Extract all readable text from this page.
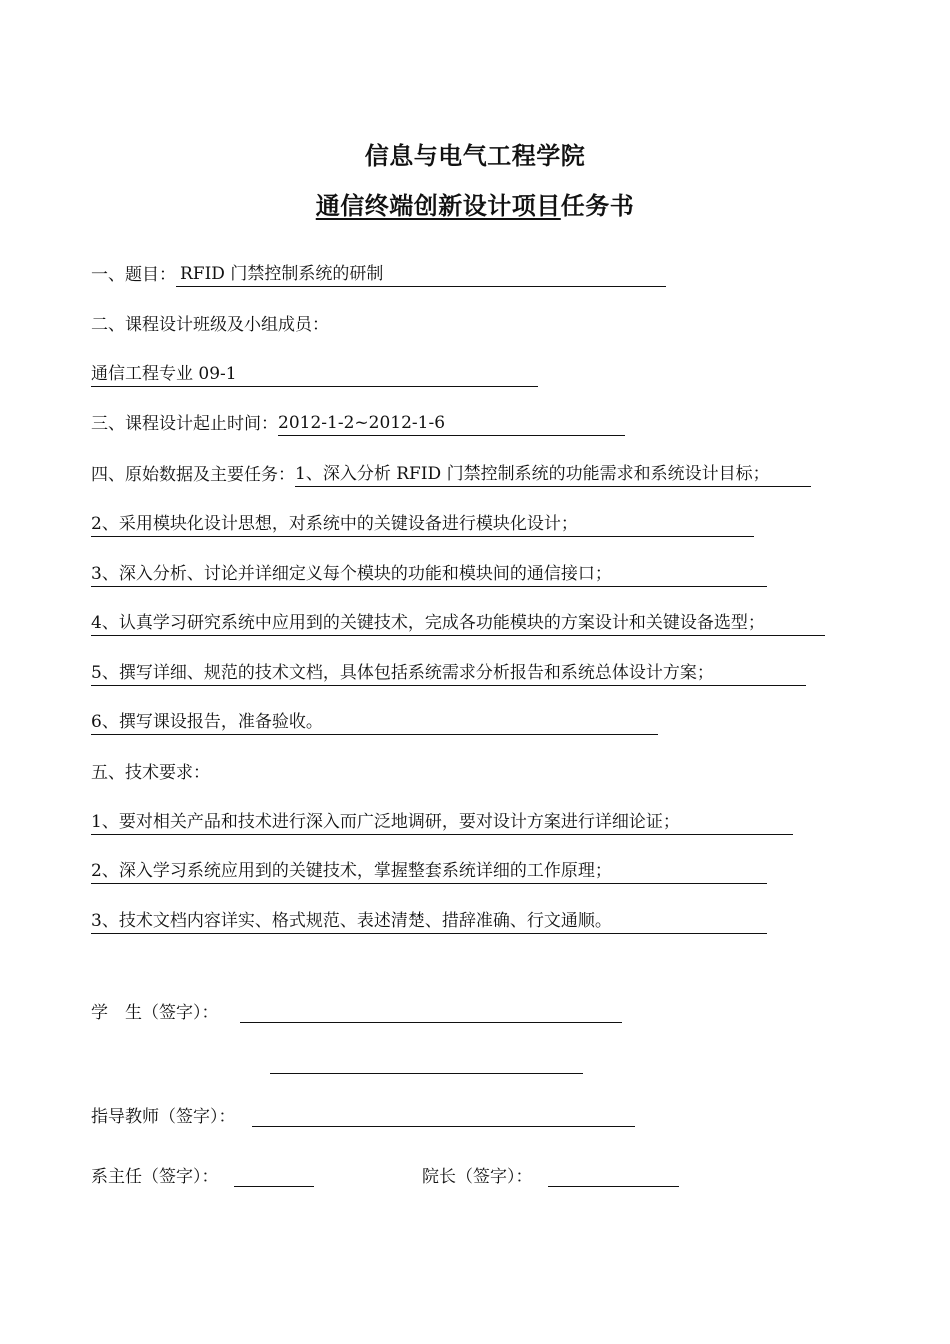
信息与电气工程学院
通信终端创新设计项目任务书
一、题目： RFID 门禁控制系统的研制
二、课程设计班级及小组成员：
通信工程专业 09-1
三、课程设计起止时间：2012-1-2~2012-1-6
四、原始数据及主要任务：1、深入分析 RFID 门禁控制系统的功能需求和系统设计目标；
2、采用模块化设计思想，对系统中的关键设备进行模块化设计；
3、深入分析、讨论并详细定义每个模块的功能和模块间的通信接口；
4、认真学习研究系统中应用到的关键技术，完成各功能模块的方案设计和关键设备选型；
5、撰写详细、规范的技术文档，具体包括系统需求分析报告和系统总体设计方案；
6、撰写课设报告，准备验收。
五、技术要求：
1、要对相关产品和技术进行深入而广泛地调研，要对设计方案进行详细论证；
2、深入学习系统应用到的关键技术，掌握整套系统详细的工作原理；
3、技术文档内容详实、格式规范、表述清楚、措辞准确、行文通顺。
学　生（签字）：
指导教师（签字）：
系主任（签字）：	院长（签字）：
